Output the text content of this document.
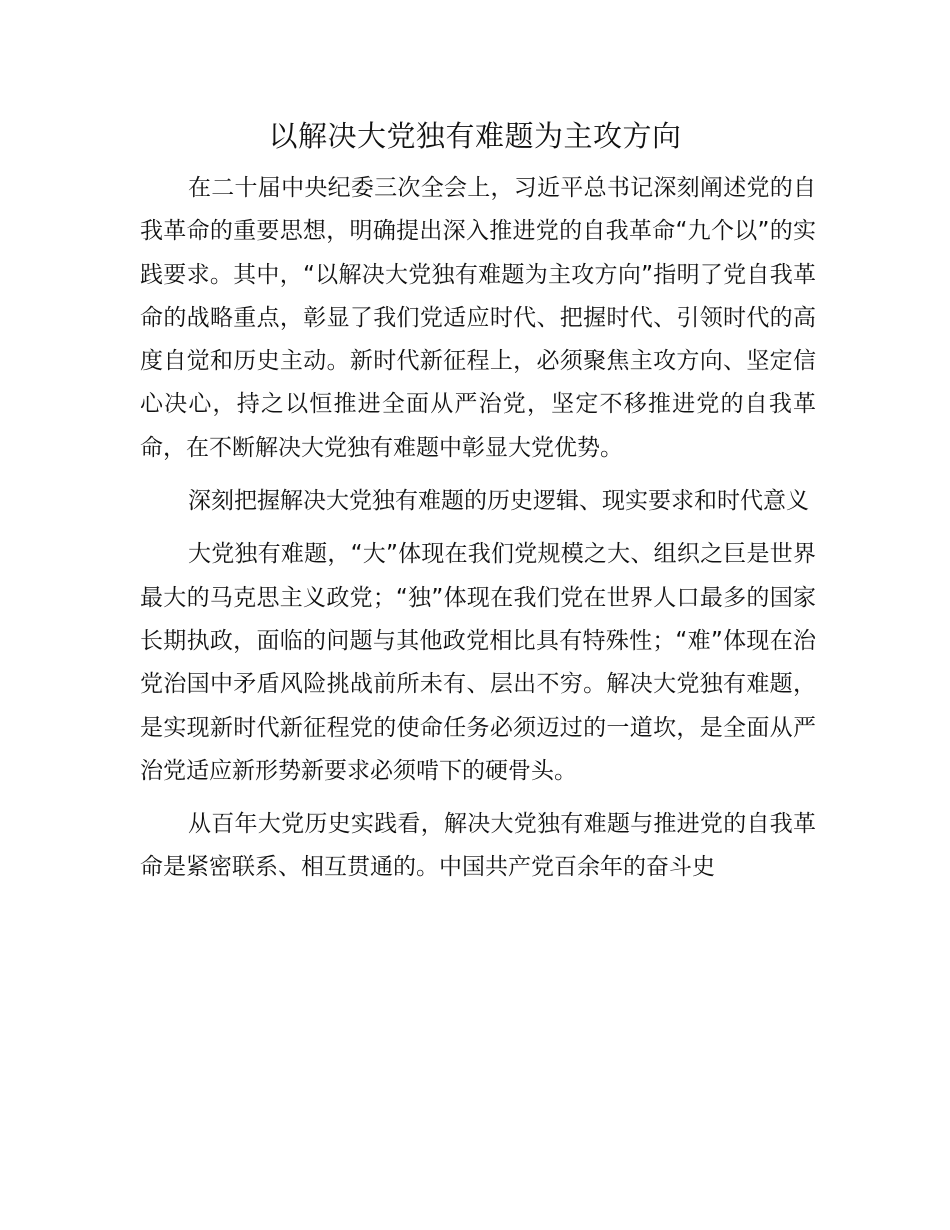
以解决大党独有难题为主攻方向

在二十届中央纪委三次全会上，习近平总书记深刻阐述党的自我革命的重要思想，明确提出深入推进党的自我革命“九个以”的实践要求。其中，“以解决大党独有难题为主攻方向”指明了党自我革命的战略重点，彰显了我们党适应时代、把握时代、引领时代的高度自觉和历史主动。新时代新征程上，必须聚焦主攻方向、坚定信心决心，持之以恒推进全面从严治党，坚定不移推进党的自我革命，在不断解决大党独有难题中彰显大党优势。

深刻把握解决大党独有难题的历史逻辑、现实要求和时代意义

大党独有难题，“大”体现在我们党规模之大、组织之巨是世界最大的马克思主义政党；“独”体现在我们党在世界人口最多的国家长期执政，面临的问题与其他政党相比具有特殊性；“难”体现在治党治国中矛盾风险挑战前所未有、层出不穷。解决大党独有难题，是实现新时代新征程党的使命任务必须迈过的一道坎，是全面从严治党适应新形势新要求必须啃下的硬骨头。

从百年大党历史实践看，解决大党独有难题与推进党的自我革命是紧密联系、相互贯通的。中国共产党百余年的奋斗史
